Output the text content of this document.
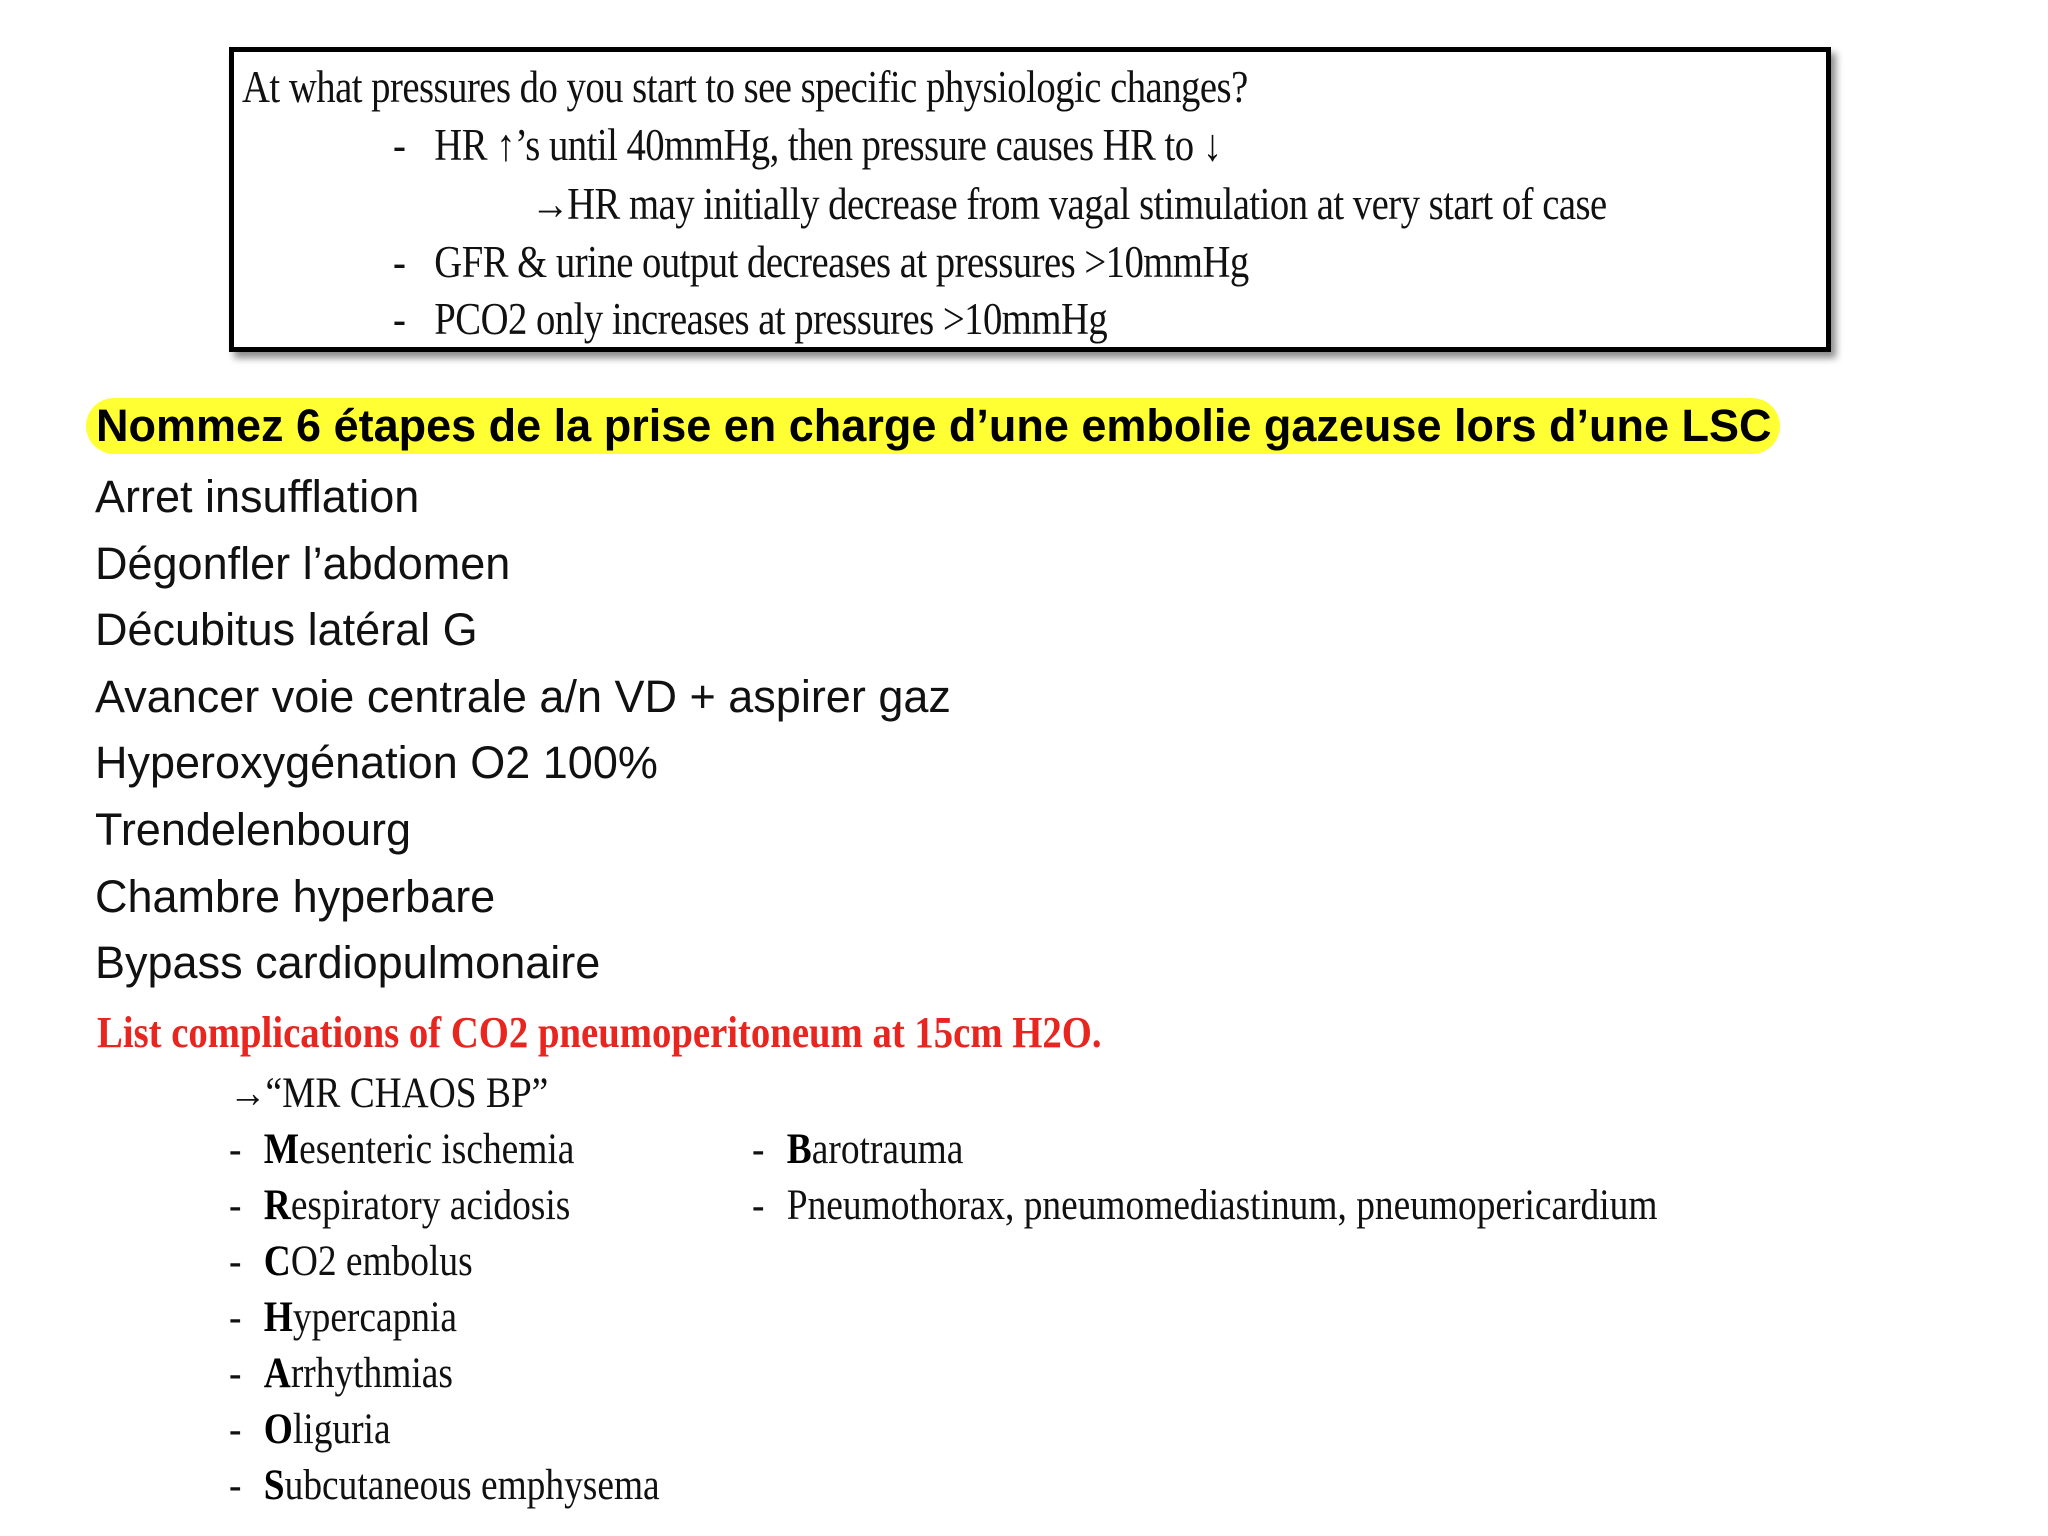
At what pressures do you start to see specific physiologic changes?
- HR ↑’s until 40mmHg, then pressure causes HR to ↓
→HR may initially decrease from vagal stimulation at very start of case
- GFR & urine output decreases at pressures >10mmHg
- PCO2 only increases at pressures >10mmHg
Nommez 6 étapes de la prise en charge d’une embolie gazeuse lors d’une LSC
Arret insufflation
Dégonfler l’abdomen
Décubitus latéral G
Avancer voie centrale a/n VD + aspirer gaz
Hyperoxygénation O2 100%
Trendelenbourg
Chambre hyperbare
Bypass cardiopulmonaire
List complications of CO2 pneumoperitoneum at 15cm H2O.
→“MR CHAOS BP”
- Mesenteric ischemia
- Respiratory acidosis
- CO2 embolus
- Hypercapnia
- Arrhythmias
- Oliguria
- Subcutaneous emphysema
- Barotrauma
- Pneumothorax, pneumomediastinum, pneumopericardium
